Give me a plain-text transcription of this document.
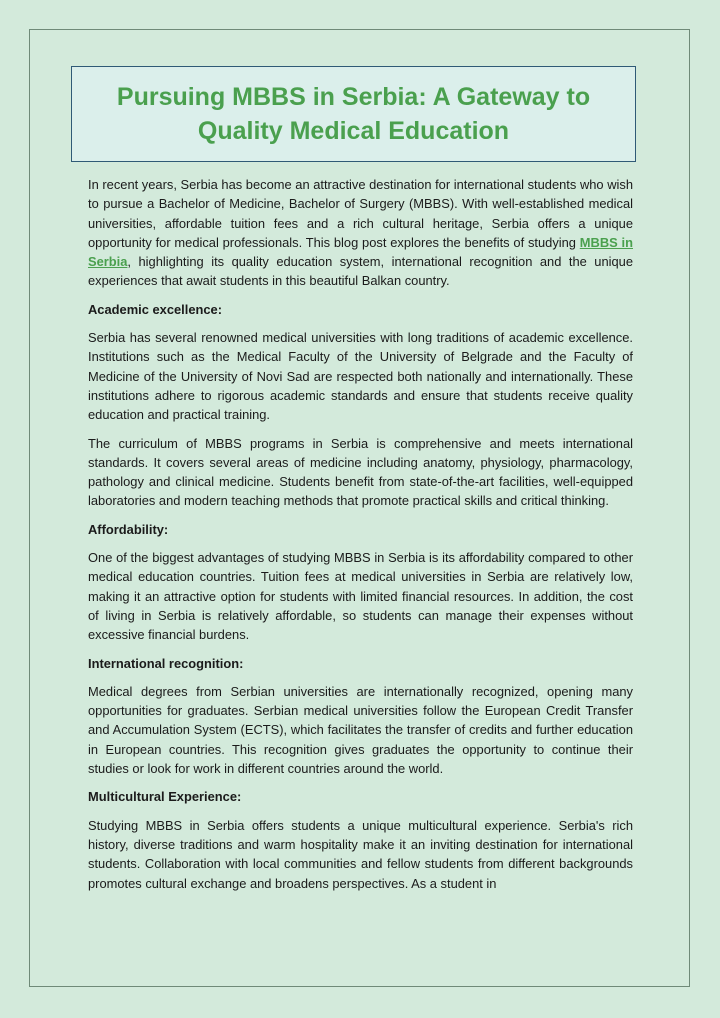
Pursuing MBBS in Serbia: A Gateway to Quality Medical Education

In recent years, Serbia has become an attractive destination for international students who wish to pursue a Bachelor of Medicine, Bachelor of Surgery (MBBS). With well-established medical universities, affordable tuition fees and a rich cultural heritage, Serbia offers a unique opportunity for medical professionals. This blog post explores the benefits of studying MBBS in Serbia, highlighting its quality education system, international recognition and the unique experiences that await students in this beautiful Balkan country.

Academic excellence:

Serbia has several renowned medical universities with long traditions of academic excellence. Institutions such as the Medical Faculty of the University of Belgrade and the Faculty of Medicine of the University of Novi Sad are respected both nationally and internationally. These institutions adhere to rigorous academic standards and ensure that students receive quality education and practical training.

The curriculum of MBBS programs in Serbia is comprehensive and meets international standards. It covers several areas of medicine including anatomy, physiology, pharmacology, pathology and clinical medicine. Students benefit from state-of-the-art facilities, well-equipped laboratories and modern teaching methods that promote practical skills and critical thinking.

Affordability:

One of the biggest advantages of studying MBBS in Serbia is its affordability compared to other medical education countries. Tuition fees at medical universities in Serbia are relatively low, making it an attractive option for students with limited financial resources. In addition, the cost of living in Serbia is relatively affordable, so students can manage their expenses without excessive financial burdens.

International recognition:

Medical degrees from Serbian universities are internationally recognized, opening many opportunities for graduates. Serbian medical universities follow the European Credit Transfer and Accumulation System (ECTS), which facilitates the transfer of credits and further education in European countries. This recognition gives graduates the opportunity to continue their studies or look for work in different countries around the world.

Multicultural Experience:

Studying MBBS in Serbia offers students a unique multicultural experience. Serbia's rich history, diverse traditions and warm hospitality make it an inviting destination for international students. Collaboration with local communities and fellow students from different backgrounds promotes cultural exchange and broadens perspectives. As a student in
